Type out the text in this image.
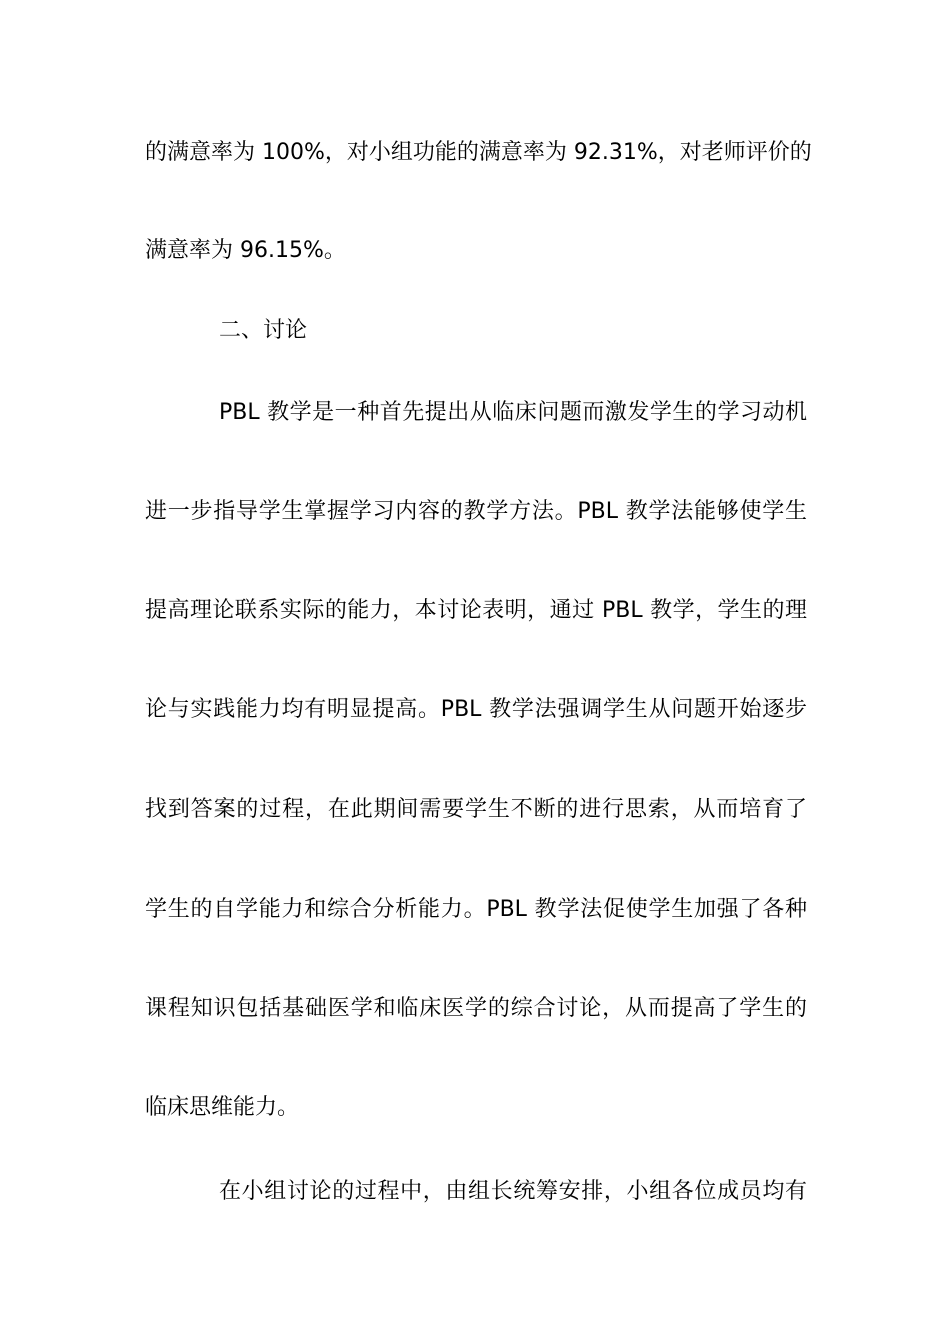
的满意率为 100%，对小组功能的满意率为 92.31%，对老师评价的
满意率为 96.15%。
二、讨论
PBL 教学是一种首先提出从临床问题而激发学生的学习动机
进一步指导学生掌握学习内容的教学方法。PBL 教学法能够使学生
提高理论联系实际的能力，本讨论表明，通过 PBL 教学，学生的理
论与实践能力均有明显提高。PBL 教学法强调学生从问题开始逐步
找到答案的过程，在此期间需要学生不断的进行思索，从而培育了
学生的自学能力和综合分析能力。PBL 教学法促使学生加强了各种
课程知识包括基础医学和临床医学的综合讨论，从而提高了学生的
临床思维能力。
在小组讨论的过程中，由组长统筹安排，小组各位成员均有
